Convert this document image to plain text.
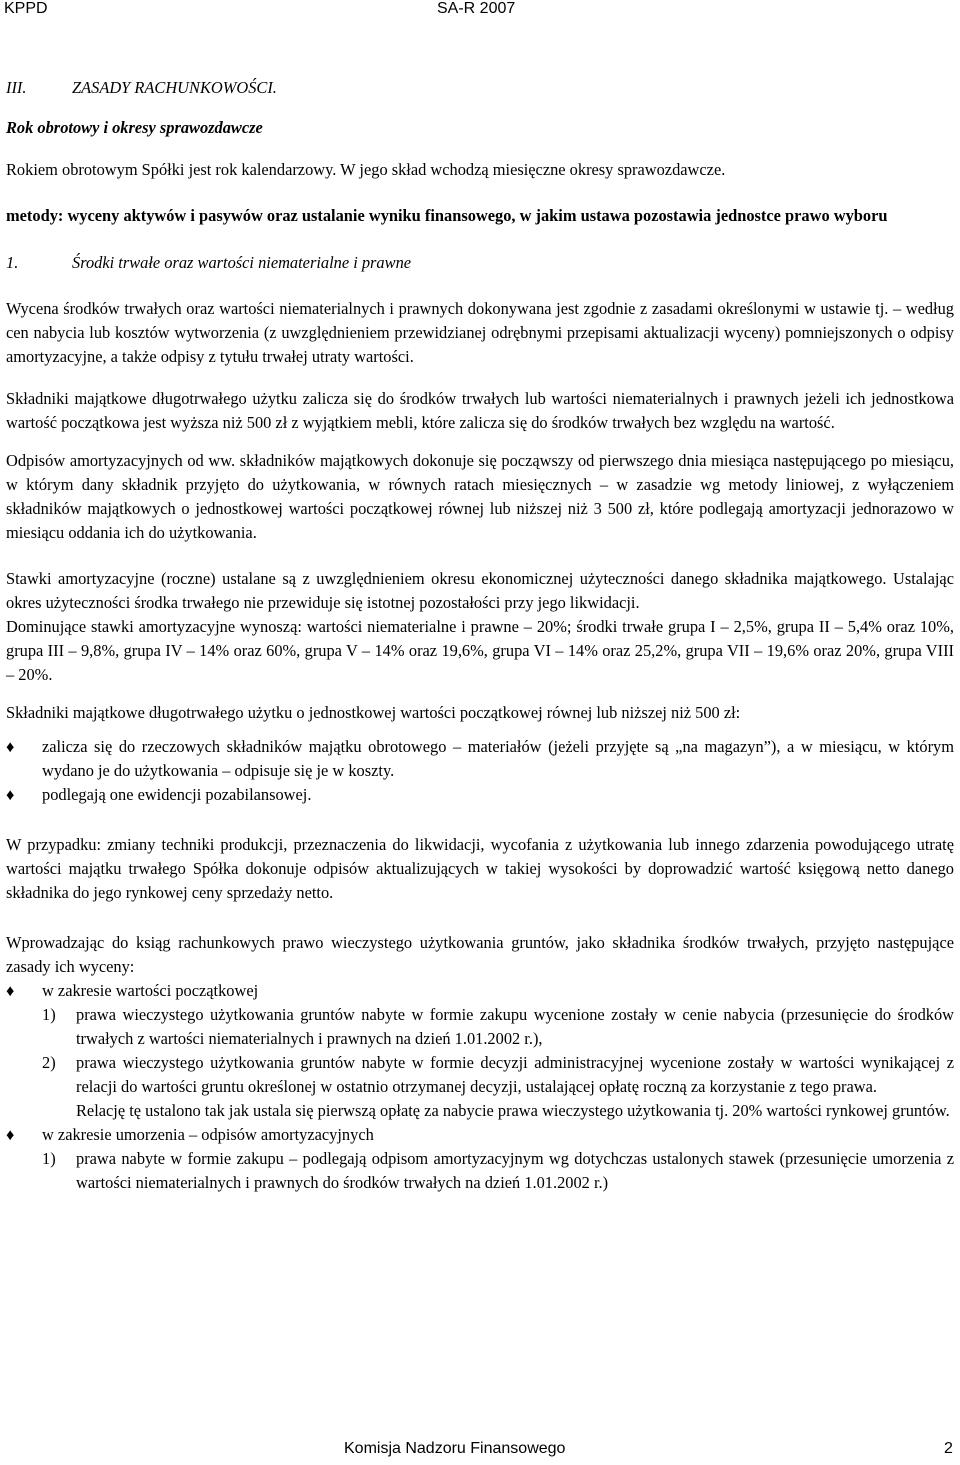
KPPD	SA-R 2007

III.	ZASADY RACHUNKOWOŚCI.

Rok obrotowy i okresy sprawozdawcze

Rokiem obrotowym Spółki jest rok kalendarzowy. W jego skład wchodzą miesięczne okresy sprawozdawcze.

metody: wyceny aktywów i pasywów oraz ustalanie wyniku finansowego, w jakim ustawa pozostawia jednostce prawo wyboru

1.	Środki trwałe oraz wartości niematerialne i prawne

Wycena środków trwałych oraz wartości niematerialnych i prawnych dokonywana jest zgodnie z zasadami określonymi w ustawie tj. – według cen nabycia lub kosztów wytworzenia (z uwzględnieniem przewidzianej odrębnymi przepisami aktualizacji wyceny) pomniejszonych o odpisy amortyzacyjne, a także odpisy z tytułu trwałej utraty wartości.

Składniki majątkowe długotrwałego użytku zalicza się do środków trwałych lub wartości niematerialnych i prawnych jeżeli ich jednostkowa wartość początkowa jest wyższa niż 500 zł z wyjątkiem mebli, które zalicza się do środków trwałych bez względu na wartość.

Odpisów amortyzacyjnych od ww. składników majątkowych dokonuje się począwszy od pierwszego dnia miesiąca następującego po miesiącu, w którym dany składnik przyjęto do użytkowania, w równych ratach miesięcznych – w zasadzie wg metody liniowej, z wyłączeniem składników majątkowych o jednostkowej wartości początkowej równej lub niższej niż 3 500 zł, które podlegają amortyzacji jednorazowo w miesiącu oddania ich do użytkowania.

Stawki amortyzacyjne (roczne) ustalane są z uwzględnieniem okresu ekonomicznej użyteczności danego składnika majątkowego. Ustalając okres użyteczności środka trwałego nie przewiduje się istotnej pozostałości przy jego likwidacji.

Dominujące stawki amortyzacyjne wynoszą: wartości niematerialne i prawne – 20%; środki trwałe grupa I – 2,5%, grupa II – 5,4% oraz 10%, grupa III – 9,8%, grupa IV – 14% oraz 60%, grupa V – 14% oraz 19,6%, grupa VI – 14% oraz 25,2%, grupa VII – 19,6% oraz 20%, grupa VIII – 20%.

Składniki majątkowe długotrwałego użytku o jednostkowej wartości początkowej równej lub niższej niż 500 zł:

♦	zalicza się do rzeczowych składników majątku obrotowego – materiałów (jeżeli przyjęte są „na magazyn”), a w miesiącu, w którym wydano je do użytkowania – odpisuje się je w koszty.
♦	podlegają one ewidencji pozabilansowej.

W przypadku: zmiany techniki produkcji, przeznaczenia do likwidacji, wycofania z użytkowania lub innego zdarzenia powodującego utratę wartości majątku trwałego Spółka dokonuje odpisów aktualizujących w takiej wysokości by doprowadzić wartość księgową netto danego składnika do jego rynkowej ceny sprzedaży netto.

Wprowadzając do ksiąg rachunkowych prawo wieczystego użytkowania gruntów, jako składnika środków trwałych, przyjęto następujące zasady ich wyceny:

♦	w zakresie wartości początkowej
1) prawa wieczystego użytkowania gruntów nabyte w formie zakupu wycenione zostały w cenie nabycia (przesunięcie do środków trwałych z wartości niematerialnych i prawnych na dzień 1.01.2002 r.),
2) prawa wieczystego użytkowania gruntów nabyte w formie decyzji administracyjnej wycenione zostały w wartości wynikającej z relacji do wartości gruntu określonej w ostatnio otrzymanej decyzji, ustalającej opłatę roczną za korzystanie z tego prawa.

Relację tę ustalono tak jak ustala się pierwszą opłatę za nabycie prawa wieczystego użytkowania tj. 20% wartości rynkowej gruntów.

♦	w zakresie umorzenia – odpisów amortyzacyjnych
1) prawa nabyte w formie zakupu – podlegają odpisom amortyzacyjnym wg dotychczas ustalonych stawek (przesunięcie umorzenia z wartości niematerialnych i prawnych do środków trwałych na dzień 1.01.2002 r.)
Komisja Nadzoru Finansowego	2
